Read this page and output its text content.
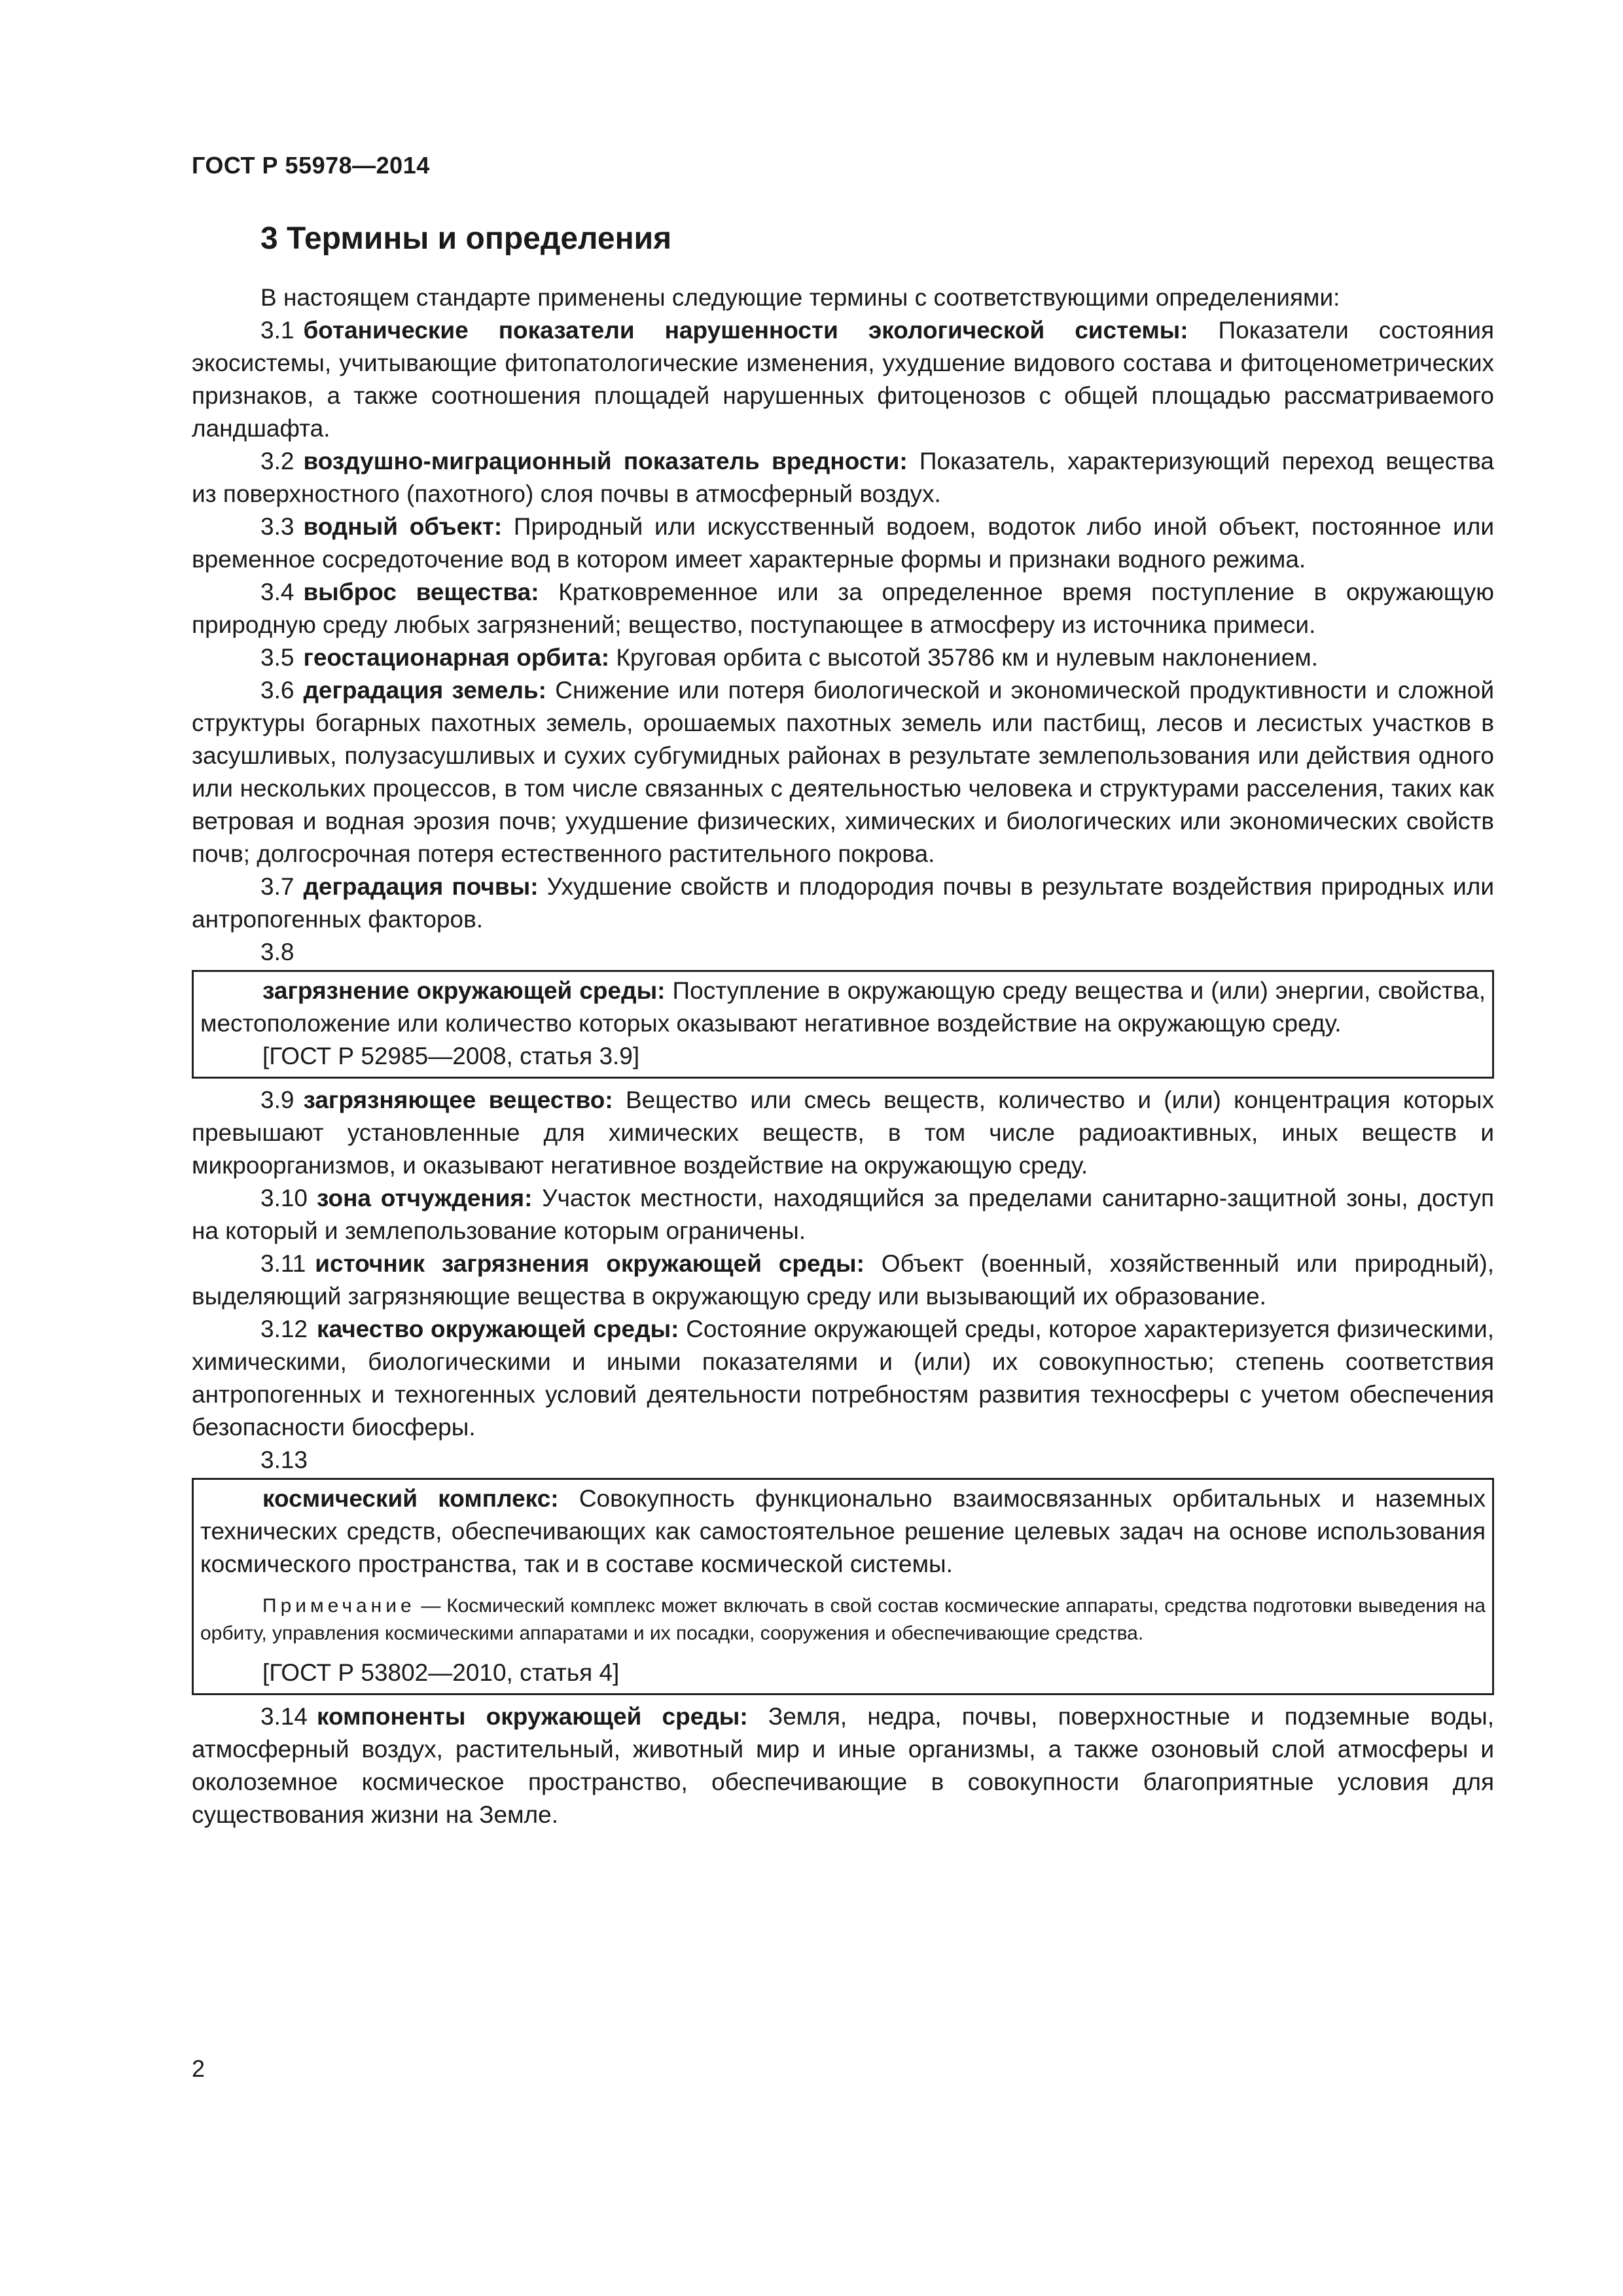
ГОСТ Р 55978—2014
3 Термины и определения

В настоящем стандарте применены следующие термины с соответствующими определениями:

3.1 ботанические показатели нарушенности экологической системы: Показатели состояния экосистемы, учитывающие фитопатологические изменения, ухудшение видового состава и фитоценометрических признаков, а также соотношения площадей нарушенных фитоценозов с общей площадью рассматриваемого ландшафта.

3.2 воздушно-миграционный показатель вредности: Показатель, характеризующий переход вещества из поверхностного (пахотного) слоя почвы в атмосферный воздух.

3.3 водный объект: Природный или искусственный водоем, водоток либо иной объект, постоянное или временное сосредоточение вод в котором имеет характерные формы и признаки водного режима.

3.4 выброс вещества: Кратковременное или за определенное время поступление в окружающую природную среду любых загрязнений; вещество, поступающее в атмосферу из источника примеси.

3.5 геостационарная орбита: Круговая орбита с высотой 35786 км и нулевым наклонением.

3.6 деградация земель: Снижение или потеря биологической и экономической продуктивности и сложной структуры богарных пахотных земель, орошаемых пахотных земель или пастбищ, лесов и лесистых участков в засушливых, полузасушливых и сухих субгумидных районах в результате землепользования или действия одного или нескольких процессов, в том числе связанных с деятельностью человека и структурами расселения, таких как ветровая и водная эрозия почв; ухудшение физических, химических и биологических или экономических свойств почв; долгосрочная потеря естественного растительного покрова.

3.7 деградация почвы: Ухудшение свойств и плодородия почвы в результате воздействия природных или антропогенных факторов.

3.8

загрязнение окружающей среды: Поступление в окружающую среду вещества и (или) энергии, свойства, местоположение или количество которых оказывают негативное воздействие на окружающую среду.

[ГОСТ Р 52985—2008, статья 3.9]

3.9 загрязняющее вещество: Вещество или смесь веществ, количество и (или) концентрация которых превышают установленные для химических веществ, в том числе радиоактивных, иных веществ и микроорганизмов, и оказывают негативное воздействие на окружающую среду.

3.10 зона отчуждения: Участок местности, находящийся за пределами санитарно-защитной зоны, доступ на который и землепользование которым ограничены.

3.11 источник загрязнения окружающей среды: Объект (военный, хозяйственный или природный), выделяющий загрязняющие вещества в окружающую среду или вызывающий их образование.

3.12 качество окружающей среды: Состояние окружающей среды, которое характеризуется физическими, химическими, биологическими и иными показателями и (или) их совокупностью; степень соответствия антропогенных и техногенных условий деятельности потребностям развития техносферы с учетом обеспечения безопасности биосферы.

3.13

космический комплекс: Совокупность функционально взаимосвязанных орбитальных и наземных технических средств, обеспечивающих как самостоятельное решение целевых задач на основе использования космического пространства, так и в составе космической системы.

Примечание — Космический комплекс может включать в свой состав космические аппараты, средства подготовки выведения на орбиту, управления космическими аппаратами и их посадки, сооружения и обеспечивающие средства.

[ГОСТ Р 53802—2010, статья 4]

3.14 компоненты окружающей среды: Земля, недра, почвы, поверхностные и подземные воды, атмосферный воздух, растительный, животный мир и иные организмы, а также озоновый слой атмосферы и околоземное космическое пространство, обеспечивающие в совокупности благоприятные условия для существования жизни на Земле.

2
